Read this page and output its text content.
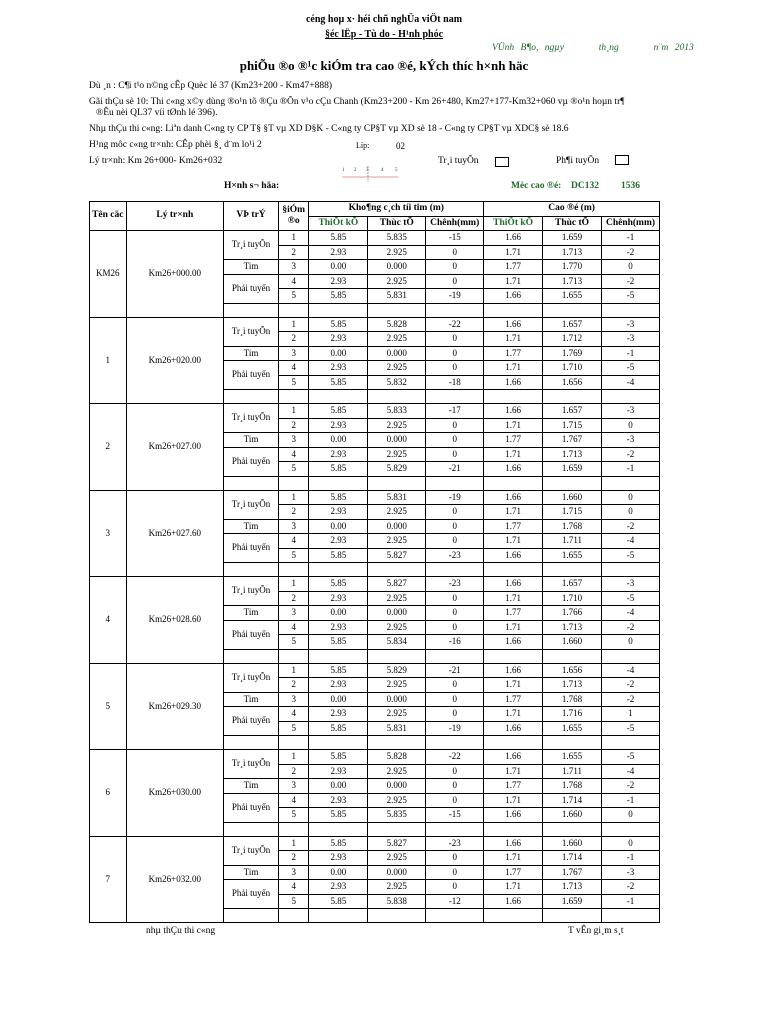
céng hoµ x· héi chñ nghÜa viÖt nam
§éc lËp - Tù do - H¹nh phóc
VÜnh B¶o, ngµy	th¸ng	n¨m 2013
phiÕu ®o ®¹c kiÓm tra cao ®é, kÝch thíc h×nh häc
Dù ¸n : C¶i t¹o n©ng cÊp Quèc lé 37 (Km23+200 - Km47+888)
Gãi thÇu sè 10: Thi c«ng x©y dùng ®o¹n tõ ®Çu ®Õn v¹o cÇu Chanh (Km23+200 - Km 26+480, Km27+177-Km32+060 vµ ®o¹n hoµn tr¶
®Êu nèi QL37 víi tØnh lé 396).
Nhµ thÇu thi c«ng: Liªn danh C«ng ty CP T§ §T vµ XD D§K - C«ng ty CP§T vµ XD sè 18 - C«ng ty CP§T vµ XDC§ sè 18.6
H¹ng môc c«ng tr×nh: CÊp phèi §¸ d¨m lo¹i 2	Líp:	02
Lý tr×nh: Km 26+000- Km26+032	Tr¸i tuyÕn	Ph¶i tuyÕn
1 2 3	4 5
H×nh s¬ häa:	Mèc cao ®é: DC132 1536
Tên cäc	Lý tr×nh	VÞ trÝ	§iÓm ®o	Kho¶ng c¸ch tíi tim (m)			Cao ®é (m)		
				ThiÕt kÕ	Thùc tÕ	Chênh(mm)	ThiÕt kÕ	Thùc tÕ	Chênh(mm)
KM26	Km26+000.00	Tr¸i tuyÕn	1	5.85	5.835	-15	1.66	1.659	-1
			2	2.93	2.925	0	1.71	1.713	-2
		Tim	3	0.00	0.000	0	1.77	1.770	0
		Phải tuyến	4	2.93	2.925	0	1.71	1.713	-2
			5	5.85	5.831	-19	1.66	1.655	-5

1	Km26+020.00	Tr¸i tuyÕn	1	5.85	5.828	-22	1.66	1.657	-3
			2	2.93	2.925	0	1.71	1.712	-3
		Tim	3	0.00	0.000	0	1.77	1.769	-1
		Phải tuyến	4	2.93	2.925	0	1.71	1.710	-5
			5	5.85	5.832	-18	1.66	1.656	-4

2	Km26+027.00	Tr¸i tuyÕn	1	5.85	5.833	-17	1.66	1.657	-3
			2	2.93	2.925	0	1.71	1.715	0
		Tim	3	0.00	0.000	0	1.77	1.767	-3
		Phải tuyến	4	2.93	2.925	0	1.71	1.713	-2
			5	5.85	5.829	-21	1.66	1.659	-1

3	Km26+027.60	Tr¸i tuyÕn	1	5.85	5.831	-19	1.66	1.660	0
			2	2.93	2.925	0	1.71	1.715	0
		Tim	3	0.00	0.000	0	1.77	1.768	-2
		Phải tuyến	4	2.93	2.925	0	1.71	1.711	-4
			5	5.85	5.827	-23	1.66	1.655	-5

4	Km26+028.60	Tr¸i tuyÕn	1	5.85	5.827	-23	1.66	1.657	-3
			2	2.93	2.925	0	1.71	1.710	-5
		Tim	3	0.00	0.000	0	1.77	1.766	-4
		Phải tuyến	4	2.93	2.925	0	1.71	1.713	-2
			5	5.85	5.834	-16	1.66	1.660	0

5	Km26+029.30	Tr¸i tuyÕn	1	5.85	5.829	-21	1.66	1.656	-4
			2	2.93	2.925	0	1.71	1.713	-2
		Tim	3	0.00	0.000	0	1.77	1.768	-2
		Phải tuyến	4	2.93	2.925	0	1.71	1.716	1
			5	5.85	5.831	-19	1.66	1.655	-5

6	Km26+030.00	Tr¸i tuyÕn	1	5.85	5.828	-22	1.66	1.655	-5
			2	2.93	2.925	0	1.71	1.711	-4
		Tim	3	0.00	0.000	0	1.77	1.768	-2
		Phải tuyến	4	2.93	2.925	0	1.71	1.714	-1
			5	5.85	5.835	-15	1.66	1.660	0

7	Km26+032.00	Tr¸i tuyÕn	1	5.85	5.827	-23	1.66	1.660	0
			2	2.93	2.925	0	1.71	1.714	-1
		Tim	3	0.00	0.000	0	1.77	1.767	-3
		Phải tuyến	4	2.93	2.925	0	1.71	1.713	-2
			5	5.85	5.838	-12	1.66	1.659	-1

nhµ thÇu thi c«ng	T vÊn gi¸m s¸t
